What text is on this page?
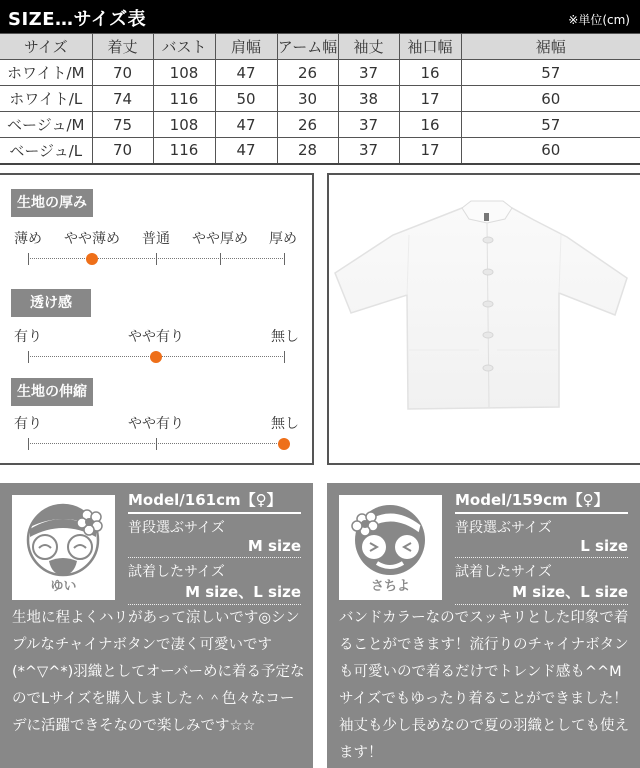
SIZE…サイズ表	※単位(cm)
サイズ	着丈	バスト	肩幅	アーム幅	袖丈	袖口幅	裾幅
ホワイト/M	70	108	47	26	37	16	57
ホワイト/L	74	116	50	30	38	17	60
ベージュ/M	75	108	47	26	37	16	57
ベージュ/L	70	116	47	28	37	17	60
生地の厚み
薄め やや薄め 普通 やや厚め 厚め
透け感
有り	やや有り	無し
生地の伸縮
有り	やや有り	無し
ゆい
Model/161cm【♀】
普段選ぶサイズ
M size
試着したサイズ
M size、L size
生地に程よくハリがあって涼しいです◎シンプルなチャイナボタンで凄く可愛いです(*^▽^*)羽織としてオーバーめに着る予定なのでLサイズを購入しました＾＾色々なコーデに活躍できそなので楽しみです☆☆
さちよ
Model/159cm【♀】
普段選ぶサイズ
L size
試着したサイズ
M size、L size
バンドカラーなのでスッキリとした印象で着ることができます！流行りのチャイナボタンも可愛いので着るだけでトレンド感も^^Mサイズでもゆったり着ることができました！袖丈も少し長めなので夏の羽織としても使えます！
